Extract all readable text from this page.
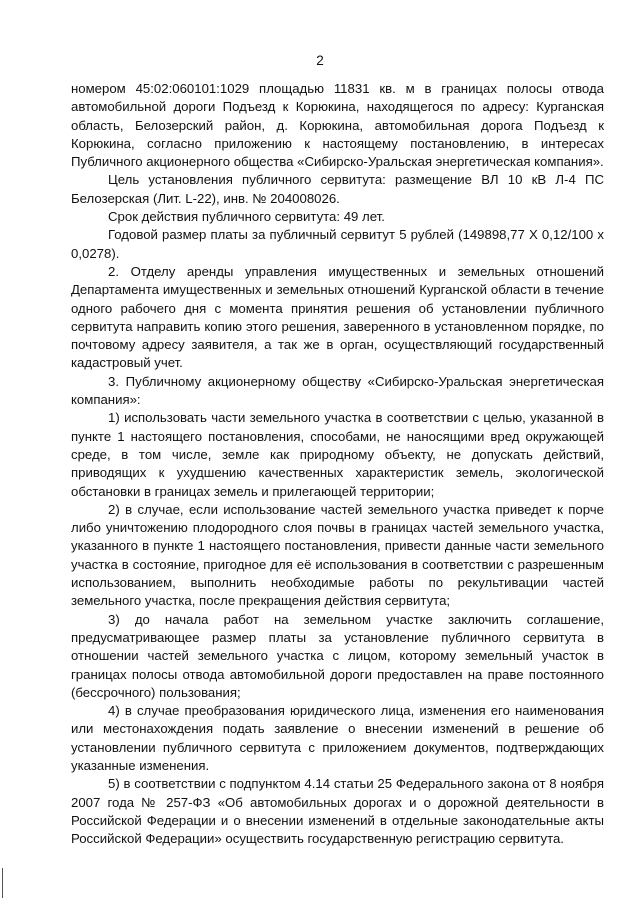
2

номером 45:02:060101:1029 площадью 11831 кв. м в границах полосы отвода автомобильной дороги Подъезд к Корюкина, находящегося по адресу: Курганская область, Белозерский район, д. Корюкина, автомобильная дорога Подъезд к Корюкина, согласно приложению к настоящему постановлению, в интересах Публичного акционерного общества «Сибирско-Уральская энергетическая компания».

Цель установления публичного сервитута: размещение ВЛ 10 кВ Л-4 ПС Белозерская (Лит. L-22), инв. № 204008026.

Срок действия публичного сервитута: 49 лет.

Годовой размер платы за публичный сервитут 5 рублей (149898,77 Х 0,12/100 х 0,0278).

2. Отделу аренды управления имущественных и земельных отношений Департамента имущественных и земельных отношений Курганской области в течение одного рабочего дня с момента принятия решения об установлении публичного сервитута направить копию этого решения, заверенного в установленном порядке, по почтовому адресу заявителя, а так же в орган, осуществляющий государственный кадастровый учет.

3. Публичному акционерному обществу «Сибирско-Уральская энергетическая компания»:

1) использовать части земельного участка в соответствии с целью, указанной в пункте 1 настоящего постановления, способами, не наносящими вред окружающей среде, в том числе, земле как природному объекту, не допускать действий, приводящих к ухудшению качественных характеристик земель, экологической обстановки в границах земель и прилегающей территории;

2) в случае, если использование частей земельного участка приведет к порче либо уничтожению плодородного слоя почвы в границах частей земельного участка, указанного в пункте 1 настоящего постановления, привести данные части земельного участка в состояние, пригодное для её использования в соответствии с разрешенным использованием, выполнить необходимые работы по рекультивации частей земельного участка, после прекращения действия сервитута;

3) до начала работ на земельном участке заключить соглашение, предусматривающее размер платы за установление публичного сервитута в отношении частей земельного участка с лицом, которому земельный участок в границах полосы отвода автомобильной дороги предоставлен на праве постоянного (бессрочного) пользования;

4) в случае преобразования юридического лица, изменения его наименования или местонахождения подать заявление о внесении изменений в решение об установлении публичного сервитута с приложением документов, подтверждающих указанные изменения.

5) в соответствии с подпунктом 4.14 статьи 25 Федерального закона от 8 ноября 2007 года № 257-ФЗ «Об автомобильных дорогах и о дорожной деятельности в Российской Федерации и о внесении изменений в отдельные законодательные акты Российской Федерации» осуществить государственную регистрацию сервитута.
